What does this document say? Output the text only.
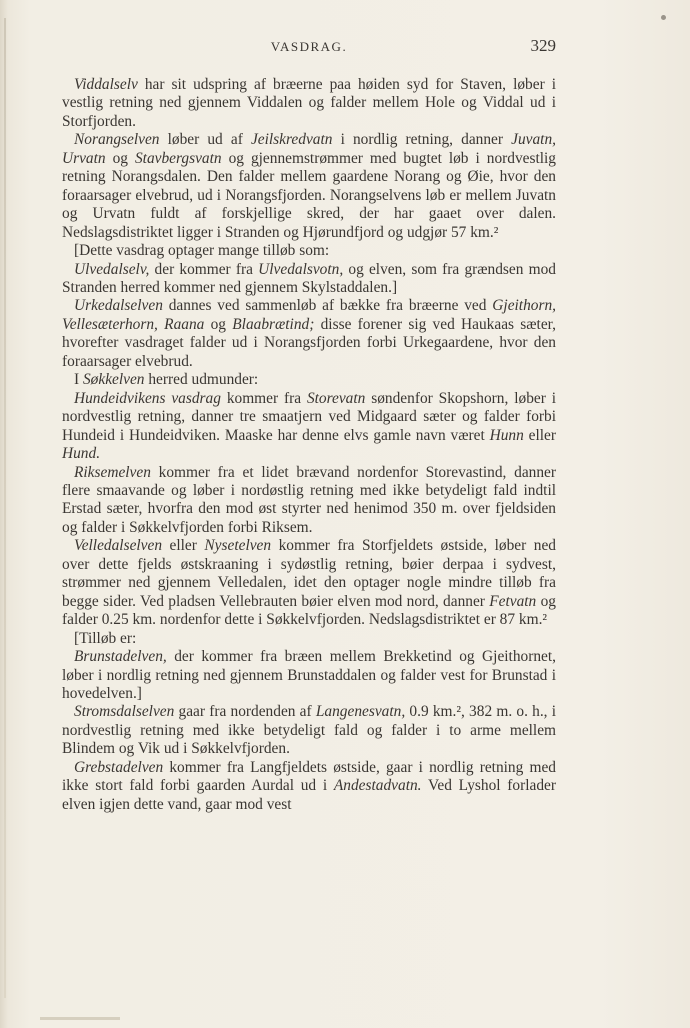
VASDRAG.	329

Viddalselv har sit udspring af bræerne paa høiden syd for Staven, løber i vestlig retning ned gjennem Viddalen og falder mellem Hole og Viddal ud i Storfjorden.

Norangselven løber ud af Jeilskredvatn i nordlig retning, danner Juvatn, Urvatn og Stavbergsvatn og gjennemstrømmer med bugtet løb i nordvestlig retning Norangsdalen. Den falder mellem gaardene Norang og Øie, hvor den foraarsager elvebrud, ud i Norangsfjorden. Norangselvens løb er mellem Juvatn og Urvatn fuldt af forskjellige skred, der har gaaet over dalen. Nedslagsdistriktet ligger i Stranden og Hjørundfjord og udgjør 57 km.²

[Dette vasdrag optager mange tilløb som:

Ulvedalselv, der kommer fra Ulvedalsvotn, og elven, som fra grændsen mod Stranden herred kommer ned gjennem Skylstaddalen.]

Urkedalselven dannes ved sammenløb af bække fra bræerne ved Gjeithorn, Vellesæterhorn, Raana og Blaabrætind; disse forener sig ved Haukaas sæter, hvorefter vasdraget falder ud i Norangsfjorden forbi Urkegaardene, hvor den foraarsager elvebrud.

I Søkkelven herred udmunder:

Hundeidvikens vasdrag kommer fra Storevatn søndenfor Skopshorn, løber i nordvestlig retning, danner tre smaatjern ved Midgaard sæter og falder forbi Hundeid i Hundeidviken. Maaske har denne elvs gamle navn været Hunn eller Hund.

Riksemelven kommer fra et lidet brævand nordenfor Storevastind, danner flere smaavande og løber i nordøstlig retning med ikke betydeligt fald indtil Erstad sæter, hvorfra den mod øst styrter ned henimod 350 m. over fjeldsiden og falder i Søkkelvfjorden forbi Riksem.

Velledalselven eller Nysetelven kommer fra Storfjeldets østside, løber ned over dette fjelds østskraaning i sydøstlig retning, bøier derpaa i sydvest, strømmer ned gjennem Velledalen, idet den optager nogle mindre tilløb fra begge sider. Ved pladsen Vellebrauten bøier elven mod nord, danner Fetvatn og falder 0.25 km. nordenfor dette i Søkkelvfjorden. Nedslagsdistriktet er 87 km.²

[Tilløb er:

Brunstadelven, der kommer fra bræen mellem Brekketind og Gjeithornet, løber i nordlig retning ned gjennem Brunstaddalen og falder vest for Brunstad i hovedelven.]

Stromsdalselven gaar fra nordenden af Langenesvatn, 0.9 km.², 382 m. o. h., i nordvestlig retning med ikke betydeligt fald og falder i to arme mellem Blindem og Vik ud i Søkkelvfjorden.

Grebstadelven kommer fra Langfjeldets østside, gaar i nordlig retning med ikke stort fald forbi gaarden Aurdal ud i Andestadvatn. Ved Lyshol forlader elven igjen dette vand, gaar mod vest
